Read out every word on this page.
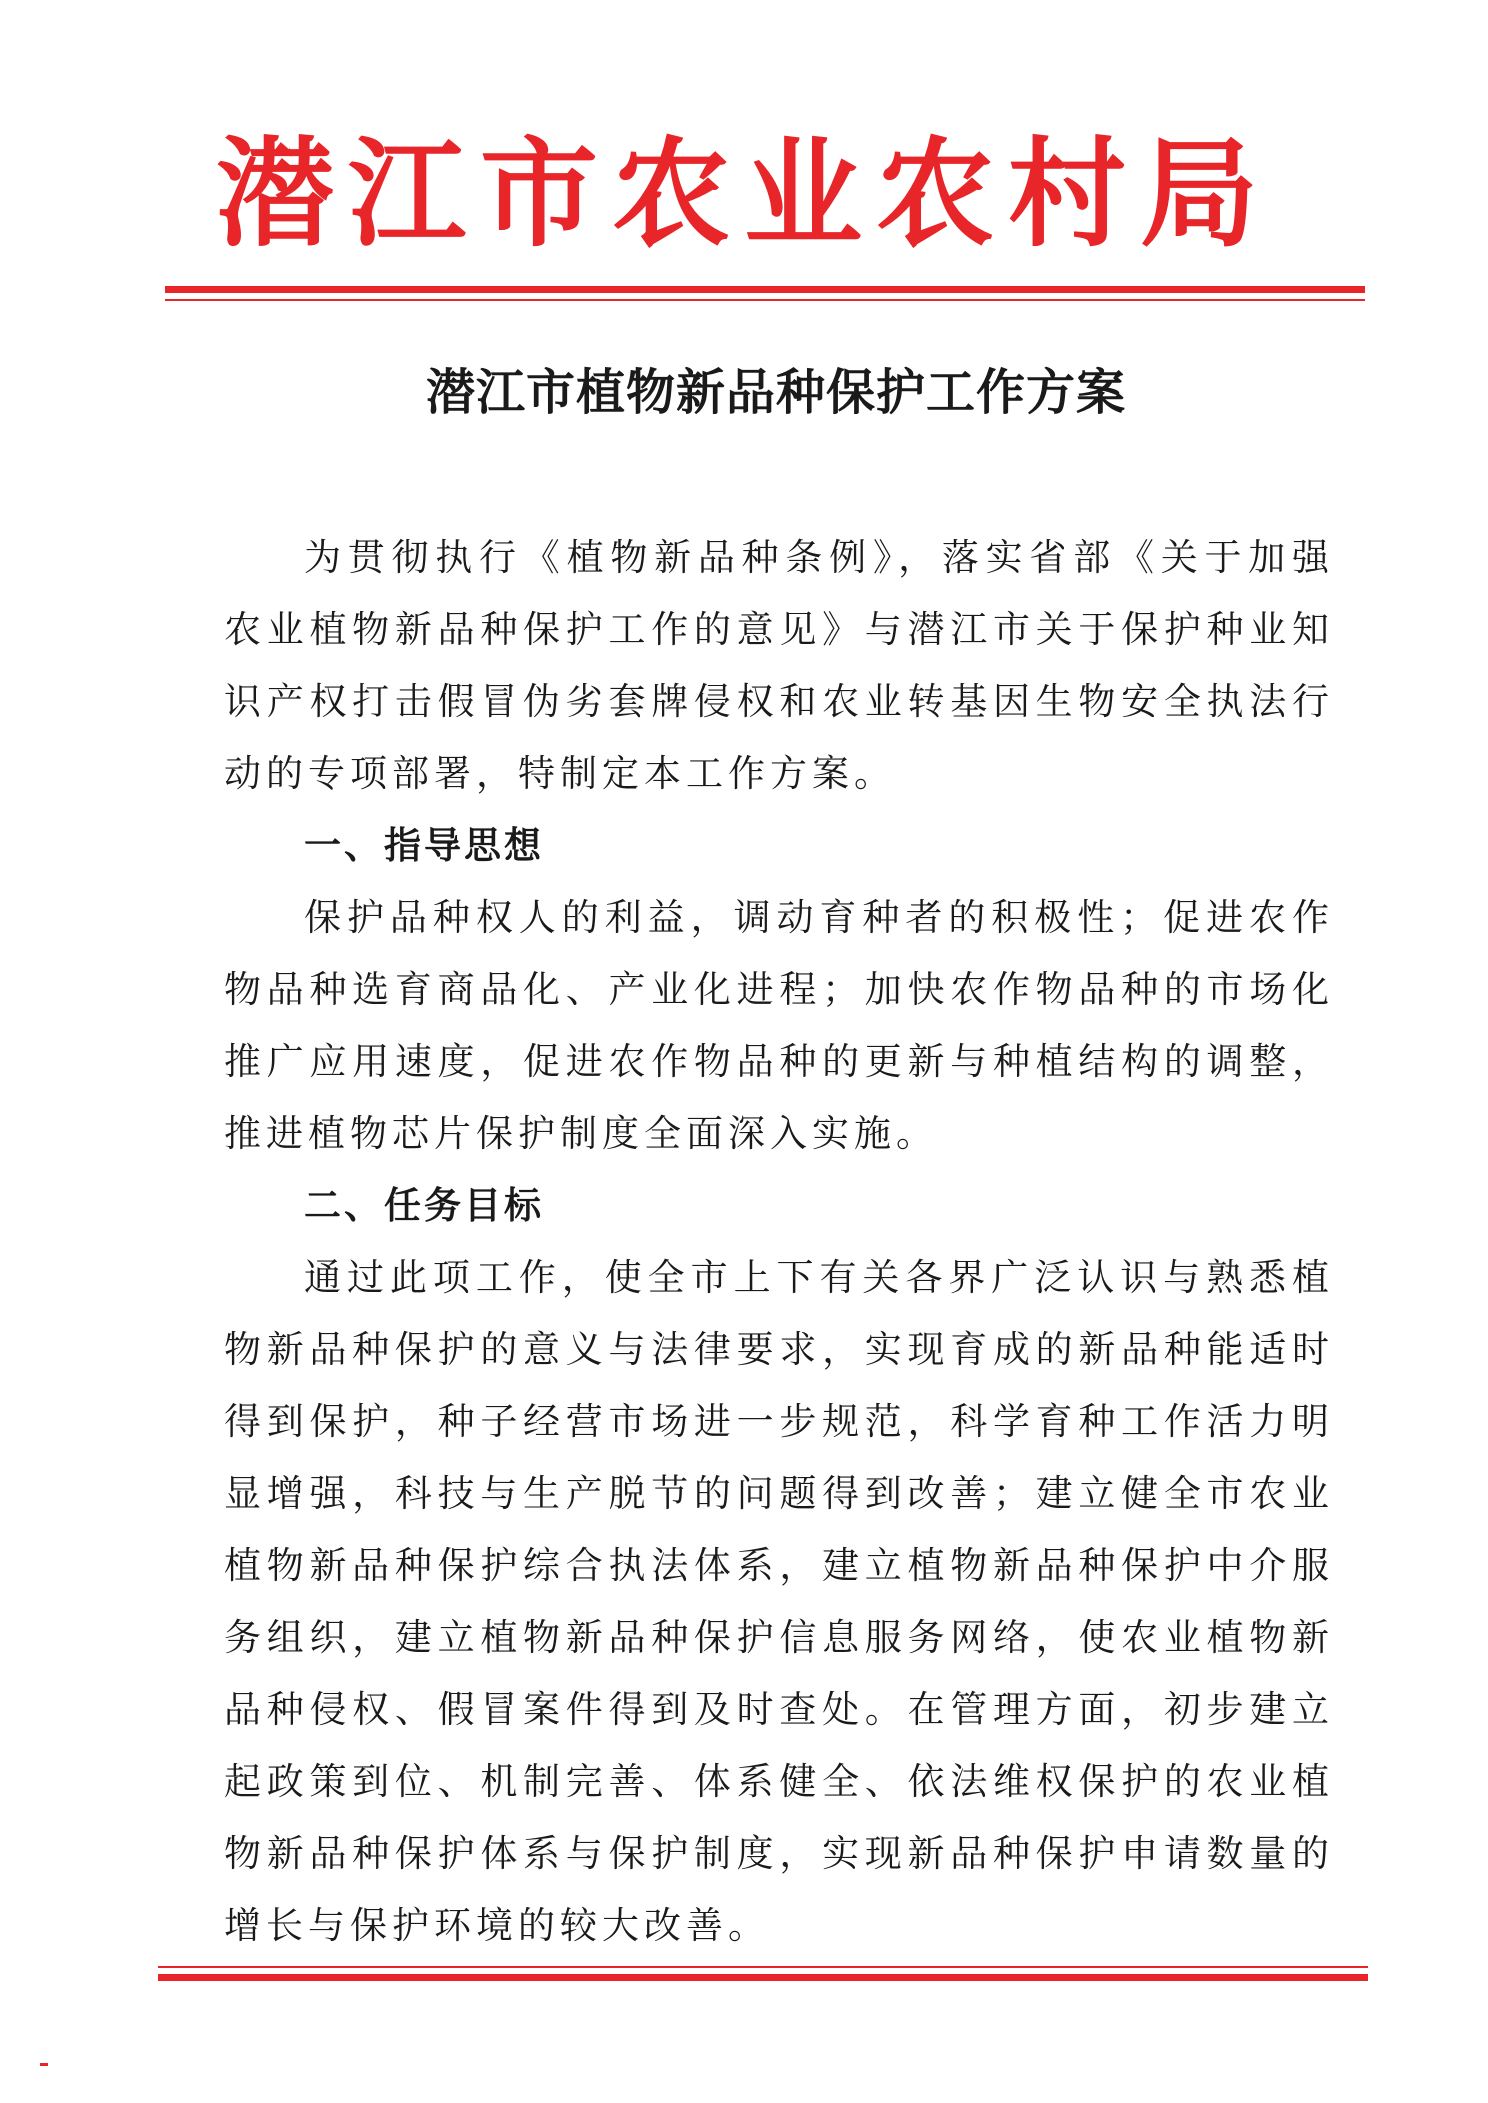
潜江市农业农村局
潜江市植物新品种保护工作方案

为贯彻执行《植物新品种条例》，落实省部《关于加强农业植物新品种保护工作的意见》与潜江市关于保护种业知识产权打击假冒伪劣套牌侵权和农业转基因生物安全执法行动的专项部署，特制定本工作方案。

一、指导思想

保护品种权人的利益，调动育种者的积极性；促进农作物品种选育商品化、产业化进程；加快农作物品种的市场化推广应用速度，促进农作物品种的更新与种植结构的调整，推进植物芯片保护制度全面深入实施。

二、任务目标

通过此项工作，使全市上下有关各界广泛认识与熟悉植物新品种保护的意义与法律要求，实现育成的新品种能适时得到保护，种子经营市场进一步规范，科学育种工作活力明显增强，科技与生产脱节的问题得到改善；建立健全市农业植物新品种保护综合执法体系，建立植物新品种保护中介服务组织，建立植物新品种保护信息服务网络，使农业植物新品种侵权、假冒案件得到及时查处。在管理方面，初步建立起政策到位、机制完善、体系健全、依法维权保护的农业植物新品种保护体系与保护制度，实现新品种保护申请数量的增长与保护环境的较大改善。
